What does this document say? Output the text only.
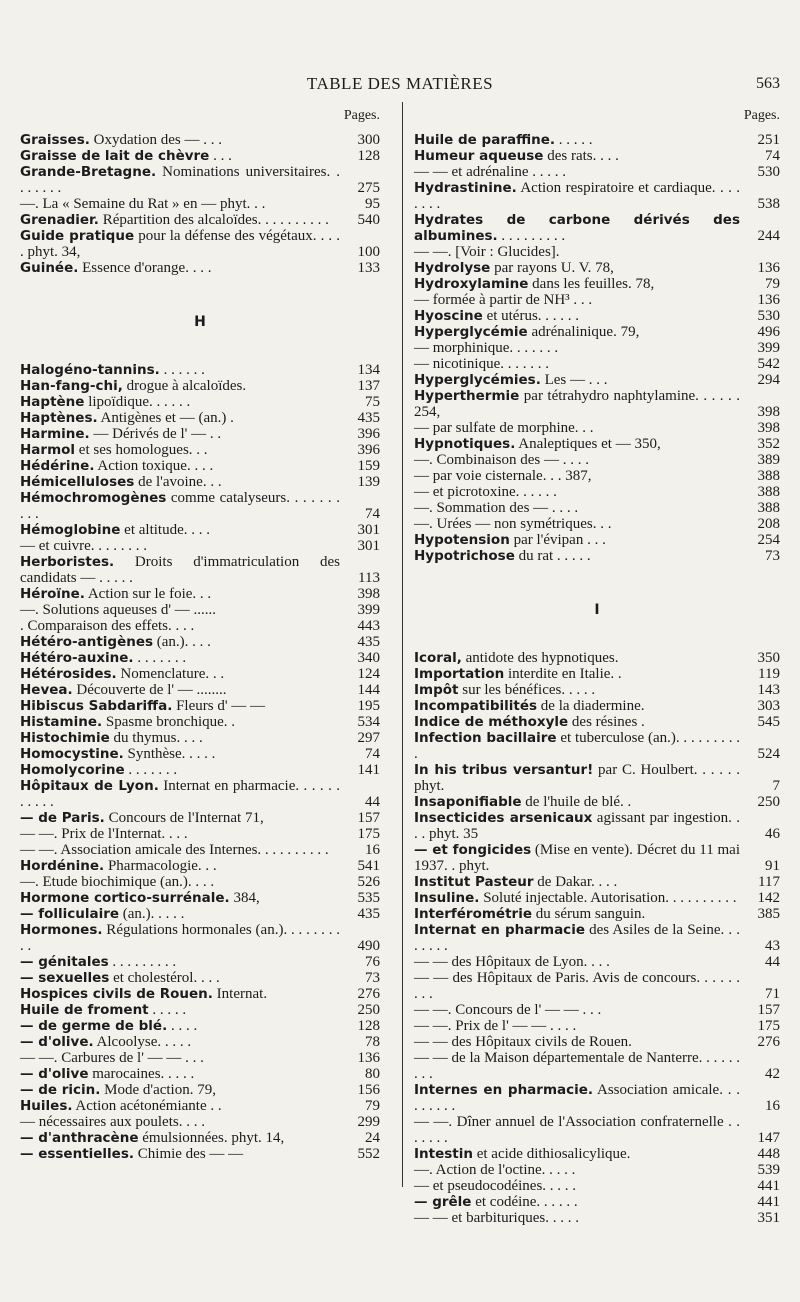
TABLE DES MATIÈRES	563
Pages.
Graisses. Oxydation des — . . .	300
Graisse de lait de chèvre . . .	128
Grande-Bretagne. Nominations universitaires. . . . . . . .	275
—. La « Semaine du Rat » en — phyt. . .	95
Grenadier. Répartition des alcaloïdes. . . . . . . . . .	540
Guide pratique pour la défense des végétaux. . . . . phyt. 34,	100
Guinée. Essence d'orange. . . .	133
H
Halogéno-tannins. . . . . . .	134
Han-fang-chi, drogue à alcaloïdes.	137
Haptène lipoïdique. . . . . .	75
Haptènes. Antigènes et — (an.) .	435
Harmine. — Dérivés de l' — . .	396
Harmol et ses homologues. . .	396
Hédérine. Action toxique. . . .	159
Hémicelluloses de l'avoine. . .	139
Hémochromogènes comme catalyseurs. . . . . . . . . .	74
Hémoglobine et altitude. . . .	301
— et cuivre. . . . . . . .	301
Herboristes. Droits d'immatriculation des candidats — . . . . .	113
Héroïne. Action sur le foie. . .	398
—. Solutions aqueuses d' — ......	399
. Comparaison des effets. . . .	443
Hétéro-antigènes (an.). . . .	435
Hétéro-auxine. . . . . . . .	340
Hétérosides. Nomenclature. . .	124
Hevea. Découverte de l' — ........	144
Hibiscus Sabdariffa. Fleurs d' — —	195
Histamine. Spasme bronchique. .	534
Histochimie du thymus. . . .	297
Homocystine. Synthèse. . . . .	74
Homolycorine . . . . . . .	141
Hôpitaux de Lyon. Internat en pharmacie. . . . . . . . . . .	44
— de Paris. Concours de l'Internat 71,	157
— —. Prix de l'Internat. . . .	175
— —. Association amicale des Internes. . . . . . . . . .	16
Hordénine. Pharmacologie. . .	541
—. Etude biochimique (an.). . . .	526
Hormone cortico-surrénale. 384,	535
— folliculaire (an.). . . . .	435
Hormones. Régulations hormonales (an.). . . . . . . . . .	490
— génitales . . . . . . . . .	76
— sexuelles et cholestérol. . . .	73
Hospices civils de Rouen. Internat.	276
Huile de froment . . . . .	250
— de germe de blé. . . . .	128
— d'olive. Alcoolyse. . . . .	78
— —. Carbures de l' — — . . .	136
— d'olive marocaines. . . . .	80
— de ricin. Mode d'action. 79,	156
Huiles. Action acétonémiante . .	79
— nécessaires aux poulets. . . .	299
— d'anthracène émulsionnées. phyt. 14,	24
— essentielles. Chimie des — —	552
Pages.
Huile de paraffine. . . . . .	251
Humeur aqueuse des rats. . . .	74
— — et adrénaline . . . . .	530
Hydrastinine. Action respiratoire et cardiaque. . . . . . . .	538
Hydrates de carbone dérivés des albumines. . . . . . . . . .	244
— —. [Voir : Glucides].
Hydrolyse par rayons U. V. 78,	136
Hydroxylamine dans les feuilles. 78,	79
— formée à partir de NH³ . . .	136
Hyoscine et utérus. . . . . .	530
Hyperglycémie adrénalinique. 79,	496
— morphinique. . . . . . .	399
— nicotinique. . . . . . .	542
Hyperglycémies. Les — . . .	294
Hyperthermie par tétrahydro naphtylamine. . . . . . 254,	398
— par sulfate de morphine. . .	398
Hypnotiques. Analeptiques et — 350,	352
—. Combinaison des — . . . .	389
— par voie cisternale. . . 387,	388
— et picrotoxine. . . . . .	388
—. Sommation des — . . . .	388
—. Urées — non symétriques. . .	208
Hypotension par l'évipan . . .	254
Hypotrichose du rat . . . . .	73
I
Icoral, antidote des hypnotiques.	350
Importation interdite en Italie. .	119
Impôt sur les bénéfices. . . . .	143
Incompatibilités de la diadermine.	303
Indice de méthoxyle des résines .	545
Infection bacillaire et tuberculose (an.). . . . . . . . . .	524
In his tribus versantur! par C. Houlbert. . . . . . phyt.	7
Insaponifiable de l'huile de blé. .	250
Insecticides arsenicaux agissant par ingestion. . . . phyt. 35	46
— et fongicides (Mise en vente). Décret du 11 mai 1937. . phyt.	91
Institut Pasteur de Dakar. . . .	117
Insuline. Soluté injectable. Autorisation. . . . . . . . . .	142
Interférométrie du sérum sanguin.	385
Internat en pharmacie des Asiles de la Seine. . . . . . . .	43
— — des Hôpitaux de Lyon. . . .	44
— — des Hôpitaux de Paris. Avis de concours. . . . . . . . .	71
— —. Concours de l' — — . . .	157
— —. Prix de l' — — . . . .	175
— — des Hôpitaux civils de Rouen.	276
— — de la Maison départementale de Nanterre. . . . . . . . .	42
Internes en pharmacie. Association amicale. . . . . . . . .	16
— —. Dîner annuel de l'Association confraternelle . . . . . . .	147
Intestin et acide dithiosalicylique.	448
—. Action de l'octine. . . . .	539
— et pseudocodéines. . . . .	441
— grêle et codéine. . . . . .	441
— — et barbituriques. . . . .	351
